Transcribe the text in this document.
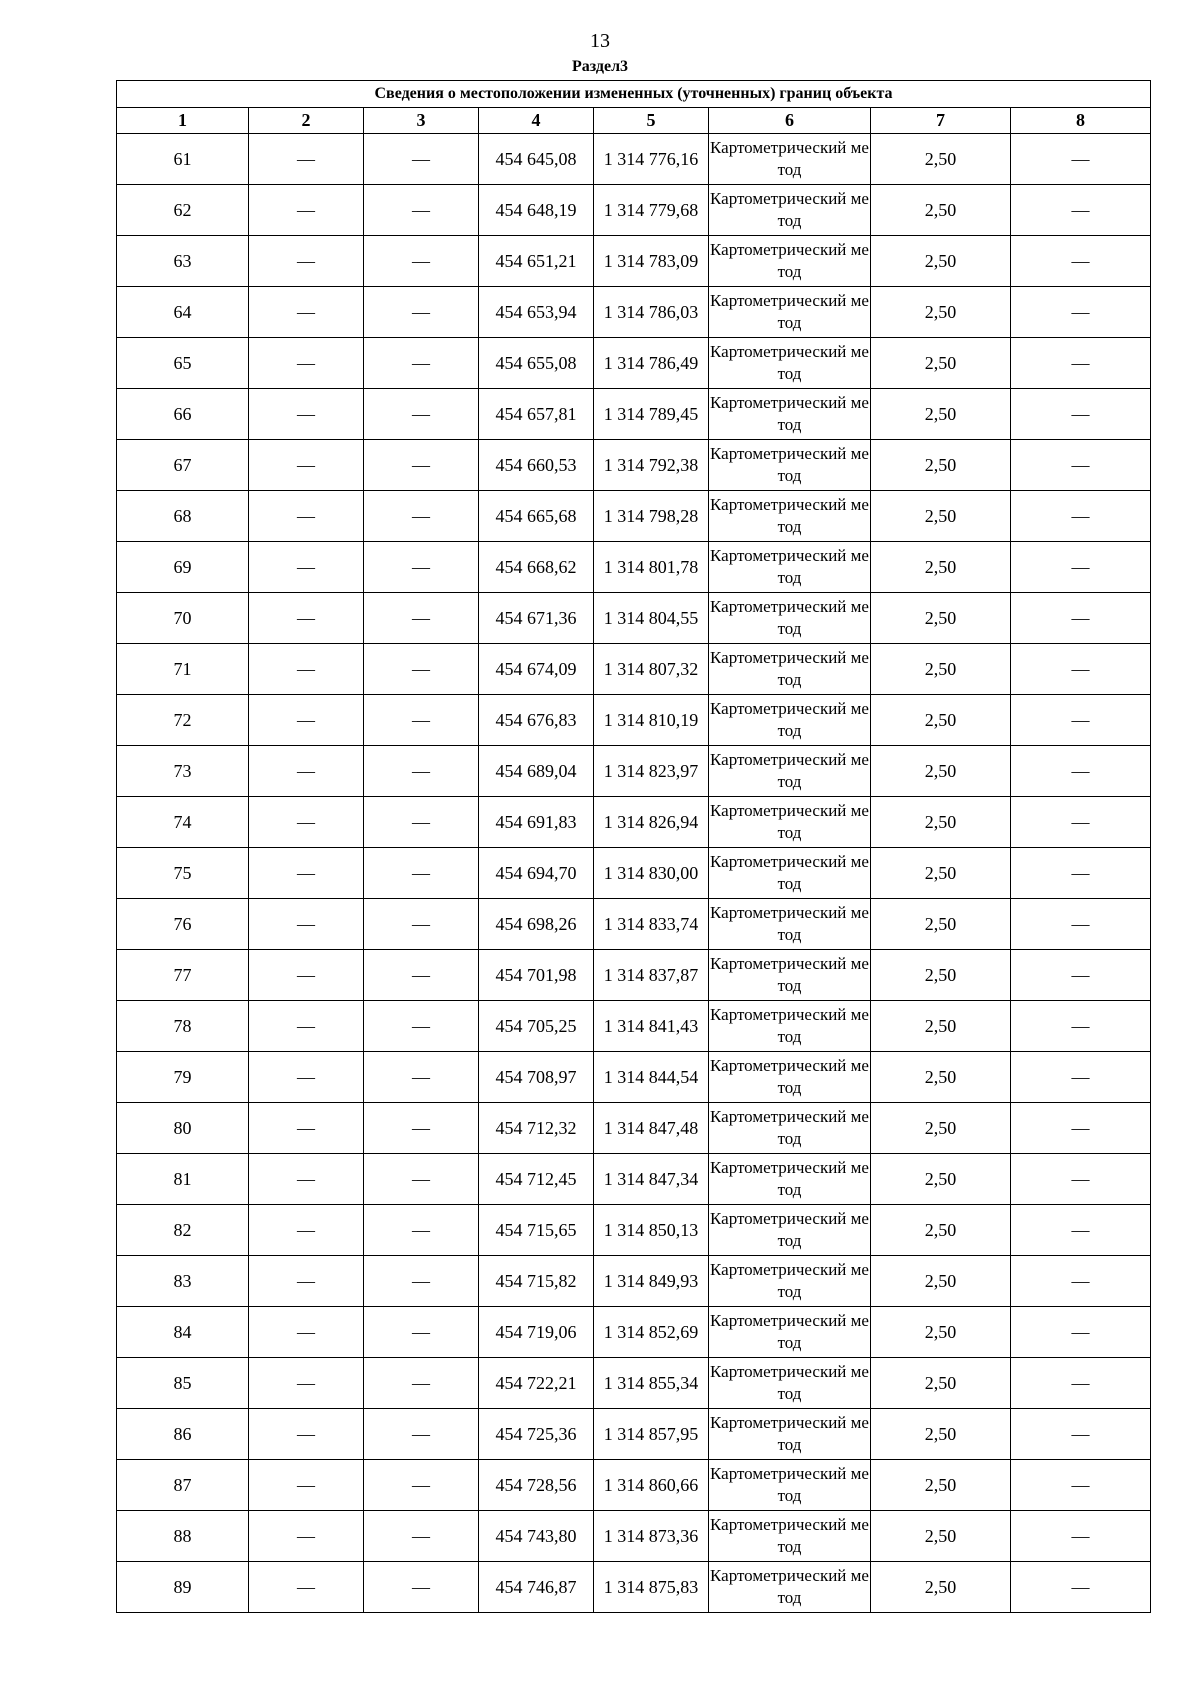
13
Раздел3
Сведения о местоположении измененных (уточненных) границ объекта							
1	2	3	4	5	6	7	8
61	—	—	454 645,08	1 314 776,16	Картометрический метод	2,50	—
62	—	—	454 648,19	1 314 779,68	Картометрический метод	2,50	—
63	—	—	454 651,21	1 314 783,09	Картометрический метод	2,50	—
64	—	—	454 653,94	1 314 786,03	Картометрический метод	2,50	—
65	—	—	454 655,08	1 314 786,49	Картометрический метод	2,50	—
66	—	—	454 657,81	1 314 789,45	Картометрический метод	2,50	—
67	—	—	454 660,53	1 314 792,38	Картометрический метод	2,50	—
68	—	—	454 665,68	1 314 798,28	Картометрический метод	2,50	—
69	—	—	454 668,62	1 314 801,78	Картометрический метод	2,50	—
70	—	—	454 671,36	1 314 804,55	Картометрический метод	2,50	—
71	—	—	454 674,09	1 314 807,32	Картометрический метод	2,50	—
72	—	—	454 676,83	1 314 810,19	Картометрический метод	2,50	—
73	—	—	454 689,04	1 314 823,97	Картометрический метод	2,50	—
74	—	—	454 691,83	1 314 826,94	Картометрический метод	2,50	—
75	—	—	454 694,70	1 314 830,00	Картометрический метод	2,50	—
76	—	—	454 698,26	1 314 833,74	Картометрический метод	2,50	—
77	—	—	454 701,98	1 314 837,87	Картометрический метод	2,50	—
78	—	—	454 705,25	1 314 841,43	Картометрический метод	2,50	—
79	—	—	454 708,97	1 314 844,54	Картометрический метод	2,50	—
80	—	—	454 712,32	1 314 847,48	Картометрический метод	2,50	—
81	—	—	454 712,45	1 314 847,34	Картометрический метод	2,50	—
82	—	—	454 715,65	1 314 850,13	Картометрический метод	2,50	—
83	—	—	454 715,82	1 314 849,93	Картометрический метод	2,50	—
84	—	—	454 719,06	1 314 852,69	Картометрический метод	2,50	—
85	—	—	454 722,21	1 314 855,34	Картометрический метод	2,50	—
86	—	—	454 725,36	1 314 857,95	Картометрический метод	2,50	—
87	—	—	454 728,56	1 314 860,66	Картометрический метод	2,50	—
88	—	—	454 743,80	1 314 873,36	Картометрический метод	2,50	—
89	—	—	454 746,87	1 314 875,83	Картометрический метод	2,50	—
